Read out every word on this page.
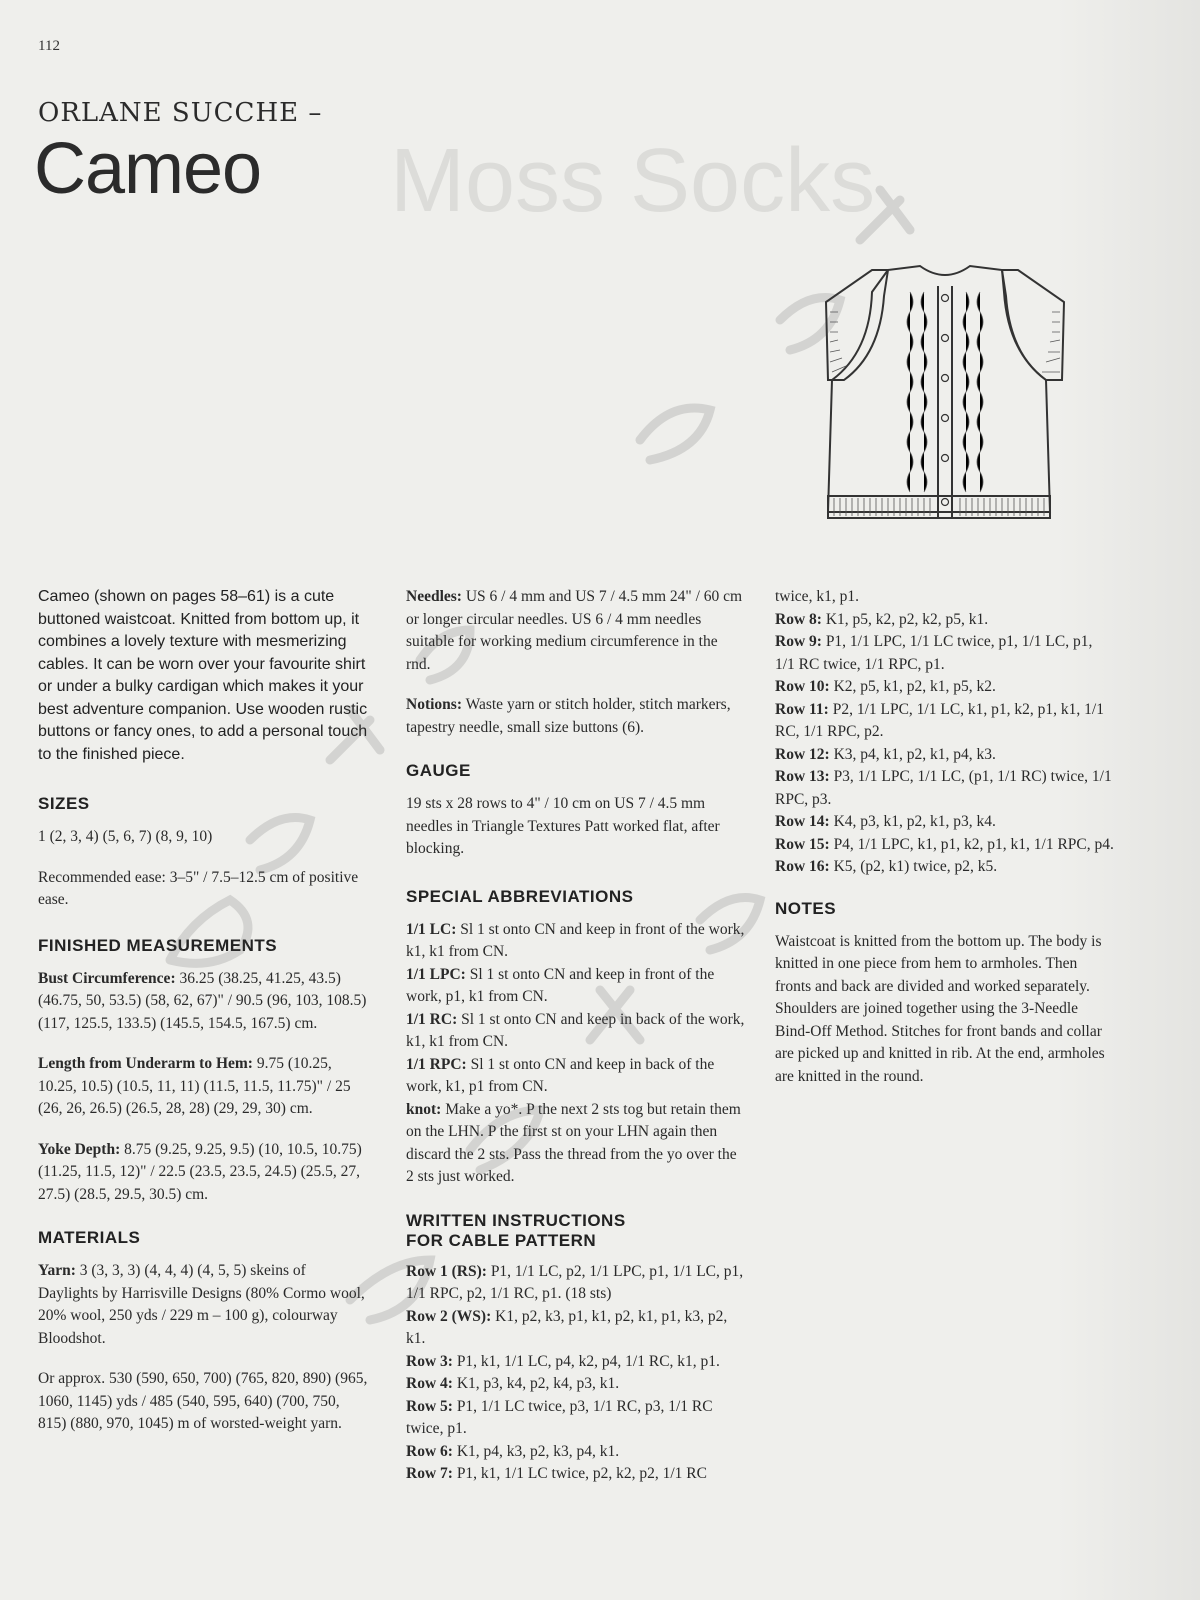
Moss Socks
112
ORLANE SUCCHE –
Cameo
Cameo (shown on pages 58–61) is a cute buttoned waistcoat. Knitted from bottom up, it combines a lovely texture with mesmerizing cables. It can be worn over your favourite shirt or under a bulky cardigan which makes it your best adventure companion. Use wooden rustic buttons or fancy ones, to add a personal touch to the finished piece.
SIZES

1 (2, 3, 4) (5, 6, 7) (8, 9, 10)

Recommended ease: 3–5" / 7.5–12.5 cm of positive ease.

FINISHED MEASUREMENTS

Bust Circumference: 36.25 (38.25, 41.25, 43.5) (46.75, 50, 53.5) (58, 62, 67)" / 90.5 (96, 103, 108.5) (117, 125.5, 133.5) (145.5, 154.5, 167.5) cm.

Length from Underarm to Hem: 9.75 (10.25, 10.25, 10.5) (10.5, 11, 11) (11.5, 11.5, 11.75)" / 25 (26, 26, 26.5) (26.5, 28, 28) (29, 29, 30) cm.

Yoke Depth: 8.75 (9.25, 9.25, 9.5) (10, 10.5, 10.75) (11.25, 11.5, 12)" / 22.5 (23.5, 23.5, 24.5) (25.5, 27, 27.5) (28.5, 29.5, 30.5) cm.

MATERIALS

Yarn: 3 (3, 3, 3) (4, 4, 4) (4, 5, 5) skeins of Daylights by Harrisville Designs (80% Cormo wool, 20% wool, 250 yds / 229 m – 100 g), colourway Bloodshot.

Or approx. 530 (590, 650, 700) (765, 820, 890) (965, 1060, 1145) yds / 485 (540, 595, 640) (700, 750, 815) (880, 970, 1045) m of worsted-weight yarn.

Needles: US 6 / 4 mm and US 7 / 4.5 mm 24" / 60 cm or longer circular needles. US 6 / 4 mm needles suitable for working medium circumference in the rnd.

Notions: Waste yarn or stitch holder, stitch markers, tapestry needle, small size buttons (6).

GAUGE

19 sts x 28 rows to 4" / 10 cm on US 7 / 4.5 mm needles in Triangle Textures Patt worked flat, after blocking.

SPECIAL ABBREVIATIONS

1/1 LC: Sl 1 st onto CN and keep in front of the work, k1, k1 from CN.

1/1 LPC: Sl 1 st onto CN and keep in front of the work, p1, k1 from CN.

1/1 RC: Sl 1 st onto CN and keep in back of the work, k1, k1 from CN.

1/1 RPC: Sl 1 st onto CN and keep in back of the work, k1, p1 from CN.

knot: Make a yo*. P the next 2 sts tog but retain them on the LHN. P the first st on your LHN again then discard the 2 sts. Pass the thread from the yo over the 2 sts just worked.

WRITTEN INSTRUCTIONS
FOR CABLE PATTERN

Row 1 (RS): P1, 1/1 LC, p2, 1/1 LPC, p1, 1/1 LC, p1, 1/1 RPC, p2, 1/1 RC, p1. (18 sts)

Row 2 (WS): K1, p2, k3, p1, k1, p2, k1, p1, k3, p2, k1.

Row 3: P1, k1, 1/1 LC, p4, k2, p4, 1/1 RC, k1, p1.

Row 4: K1, p3, k4, p2, k4, p3, k1.

Row 5: P1, 1/1 LC twice, p3, 1/1 RC, p3, 1/1 RC twice, p1.

Row 6: K1, p4, k3, p2, k3, p4, k1.

Row 7: P1, k1, 1/1 LC twice, p2, k2, p2, 1/1 RC

twice, k1, p1.

Row 8: K1, p5, k2, p2, k2, p5, k1.

Row 9: P1, 1/1 LPC, 1/1 LC twice, p1, 1/1 LC, p1, 1/1 RC twice, 1/1 RPC, p1.

Row 10: K2, p5, k1, p2, k1, p5, k2.

Row 11: P2, 1/1 LPC, 1/1 LC, k1, p1, k2, p1, k1, 1/1 RC, 1/1 RPC, p2.

Row 12: K3, p4, k1, p2, k1, p4, k3.

Row 13: P3, 1/1 LPC, 1/1 LC, (p1, 1/1 RC) twice, 1/1 RPC, p3.

Row 14: K4, p3, k1, p2, k1, p3, k4.

Row 15: P4, 1/1 LPC, k1, p1, k2, p1, k1, 1/1 RPC, p4.

Row 16: K5, (p2, k1) twice, p2, k5.

NOTES

Waistcoat is knitted from the bottom up. The body is knitted in one piece from hem to armholes. Then fronts and back are divided and worked separately. Shoulders are joined together using the 3-Needle Bind-Off Method. Stitches for front bands and collar are picked up and knitted in rib. At the end, armholes are knitted in the round.
